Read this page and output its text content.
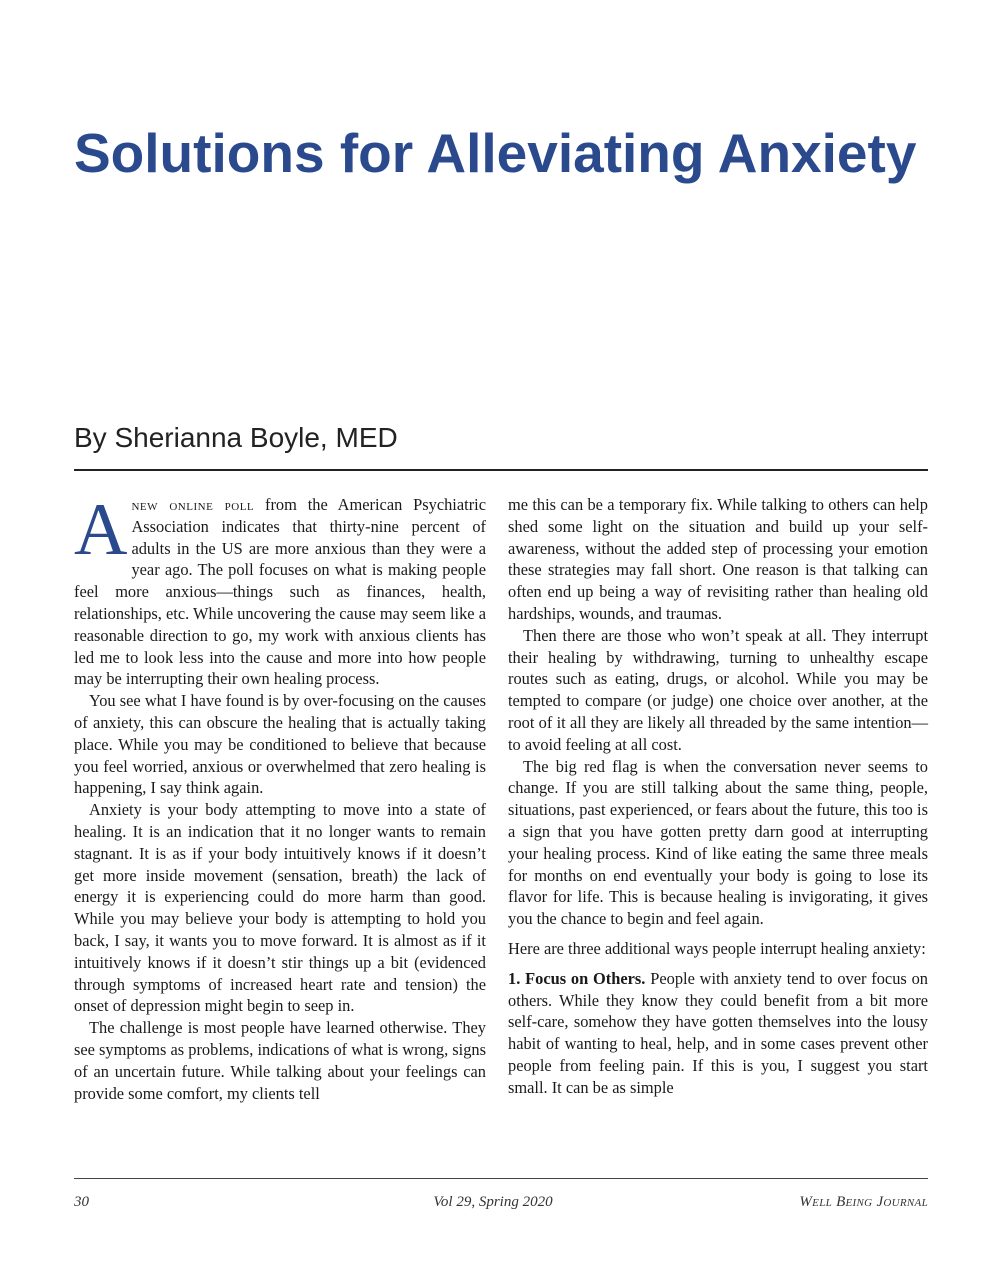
Solutions for Alleviating Anxiety
By Sherianna Boyle, MED

Anew online poll from the American Psychiatric Association indicates that thirty-nine percent of adults in the US are more anxious than they were a year ago. The poll focuses on what is making people feel more anxious—things such as finances, health, relationships, etc. While uncovering the cause may seem like a reasonable direction to go, my work with anxious clients has led me to look less into the cause and more into how people may be interrupting their own healing process.

You see what I have found is by over-focusing on the causes of anxiety, this can obscure the healing that is actually taking place. While you may be conditioned to believe that because you feel worried, anxious or overwhelmed that zero healing is happening, I say think again.

Anxiety is your body attempting to move into a state of healing. It is an indication that it no longer wants to remain stagnant. It is as if your body intuitively knows if it doesn’t get more inside movement (sensation, breath) the lack of energy it is experiencing could do more harm than good. While you may believe your body is attempting to hold you back, I say, it wants you to move forward. It is almost as if it intuitively knows if it doesn’t stir things up a bit (evidenced through symptoms of increased heart rate and tension) the onset of depression might begin to seep in.

The challenge is most people have learned otherwise. They see symptoms as problems, indications of what is wrong, signs of an uncertain future. While talking about your feelings can provide some comfort, my clients tell

me this can be a temporary fix. While talking to others can help shed some light on the situation and build up your self-awareness, without the added step of processing your emotion these strategies may fall short. One reason is that talking can often end up being a way of revisiting rather than healing old hardships, wounds, and traumas.

Then there are those who won’t speak at all. They interrupt their healing by withdrawing, turning to unhealthy escape routes such as eating, drugs, or alcohol. While you may be tempted to compare (or judge) one choice over another, at the root of it all they are likely all threaded by the same intention—to avoid feeling at all cost.

The big red flag is when the conversation never seems to change. If you are still talking about the same thing, people, situations, past experienced, or fears about the future, this too is a sign that you have gotten pretty darn good at interrupting your healing process. Kind of like eating the same three meals for months on end eventually your body is going to lose its flavor for life. This is because healing is invigorating, it gives you the chance to begin and feel again.

Here are three additional ways people interrupt healing anxiety:

1. Focus on Others. People with anxiety tend to over focus on others. While they know they could benefit from a bit more self-care, somehow they have gotten themselves into the lousy habit of wanting to heal, help, and in some cases prevent other people from feeling pain. If this is you, I suggest you start small. It can be as simple

30	Vol 29, Spring 2020	Well Being Journal
